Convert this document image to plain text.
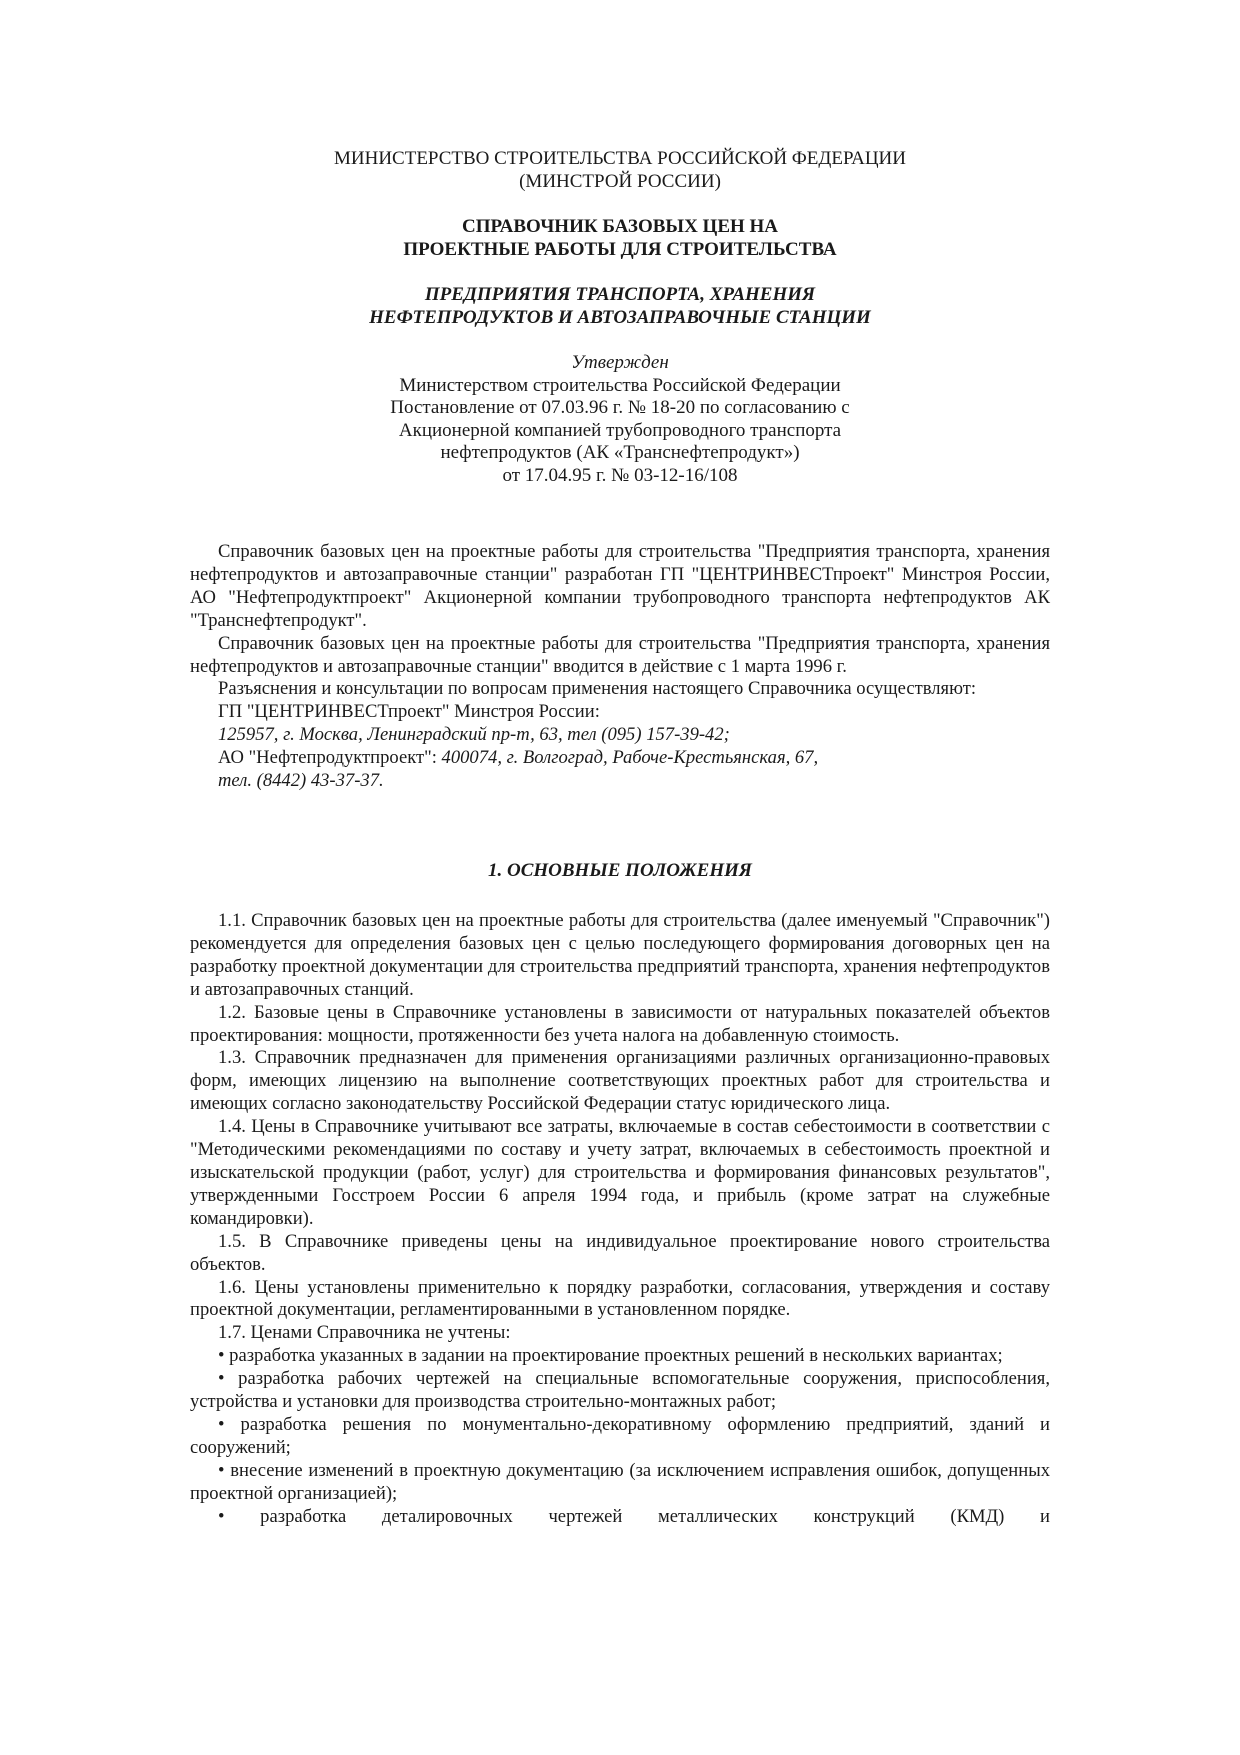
МИНИСТЕРСТВО СТРОИТЕЛЬСТВА РОССИЙСКОЙ ФЕДЕРАЦИИ
(МИНСТРОЙ РОССИИ)
СПРАВОЧНИК БАЗОВЫХ ЦЕН НА
ПРОЕКТНЫЕ РАБОТЫ ДЛЯ СТРОИТЕЛЬСТВА
ПРЕДПРИЯТИЯ ТРАНСПОРТА, ХРАНЕНИЯ
НЕФТЕПРОДУКТОВ И АВТОЗАПРАВОЧНЫЕ СТАНЦИИ
Утвержден
Министерством строительства Российской Федерации
Постановление от 07.03.96 г. № 18-20 по согласованию с
Акционерной компанией трубопроводного транспорта
нефтепродуктов (АК «Транснефтепродукт»)
от 17.04.95 г. № 03-12-16/108

Справочник базовых цен на проектные работы для строительства "Предприятия транспорта, хранения нефтепродуктов и автозаправочные станции" разработан ГП "ЦЕНТРИНВЕСТпроект" Минстроя России, АО "Нефтепродуктпроект" Акционерной компании трубопроводного транспорта нефтепродуктов АК "Транснефтепродукт".

Справочник базовых цен на проектные работы для строительства "Предприятия транспорта, хранения нефтепродуктов и автозаправочные станции" вводится в действие с 1 марта 1996 г.

Разъяснения и консультации по вопросам применения настоящего Справочника осуществляют:

ГП "ЦЕНТРИНВЕСТпроект" Минстроя России:

125957, г. Москва, Ленинградский пр-т, 63, тел (095) 157-39-42;

АО "Нефтепродуктпроект": 400074, г. Волгоград, Рабоче-Крестьянская, 67,

тел. (8442) 43-37-37.

1. ОСНОВНЫЕ ПОЛОЖЕНИЯ

1.1. Справочник базовых цен на проектные работы для строительства (далее именуемый "Справочник") рекомендуется для определения базовых цен с целью последующего формирования договорных цен на разработку проектной документации для строительства предприятий транспорта, хранения нефтепродуктов и автозаправочных станций.

1.2. Базовые цены в Справочнике установлены в зависимости от натуральных показателей объектов проектирования: мощности, протяженности без учета налога на добавленную стоимость.

1.3. Справочник предназначен для применения организациями различных организационно-правовых форм, имеющих лицензию на выполнение соответствующих проектных работ для строительства и имеющих согласно законодательству Российской Федерации статус юридического лица.

1.4. Цены в Справочнике учитывают все затраты, включаемые в состав себестоимости в соответствии с "Методическими рекомендациями по составу и учету затрат, включаемых в себестоимость проектной и изыскательской продукции (работ, услуг) для строительства и формирования финансовых результатов", утвержденными Госстроем России 6 апреля 1994 года, и прибыль (кроме затрат на служебные командировки).

1.5. В Справочнике приведены цены на индивидуальное проектирование нового строительства объектов.

1.6. Цены установлены применительно к порядку разработки, согласования, утверждения и составу проектной документации, регламентированными в установленном порядке.

1.7. Ценами Справочника не учтены:

• разработка указанных в задании на проектирование проектных решений в нескольких вариантах;

• разработка рабочих чертежей на специальные вспомогательные сооружения, приспособления, устройства и установки для производства строительно-монтажных работ;

• разработка решения по монументально-декоративному оформлению предприятий, зданий и сооружений;

• внесение изменений в проектную документацию (за исключением исправления ошибок, допущенных проектной организацией);

• разработка деталировочных чертежей металлических конструкций (КМД) и
